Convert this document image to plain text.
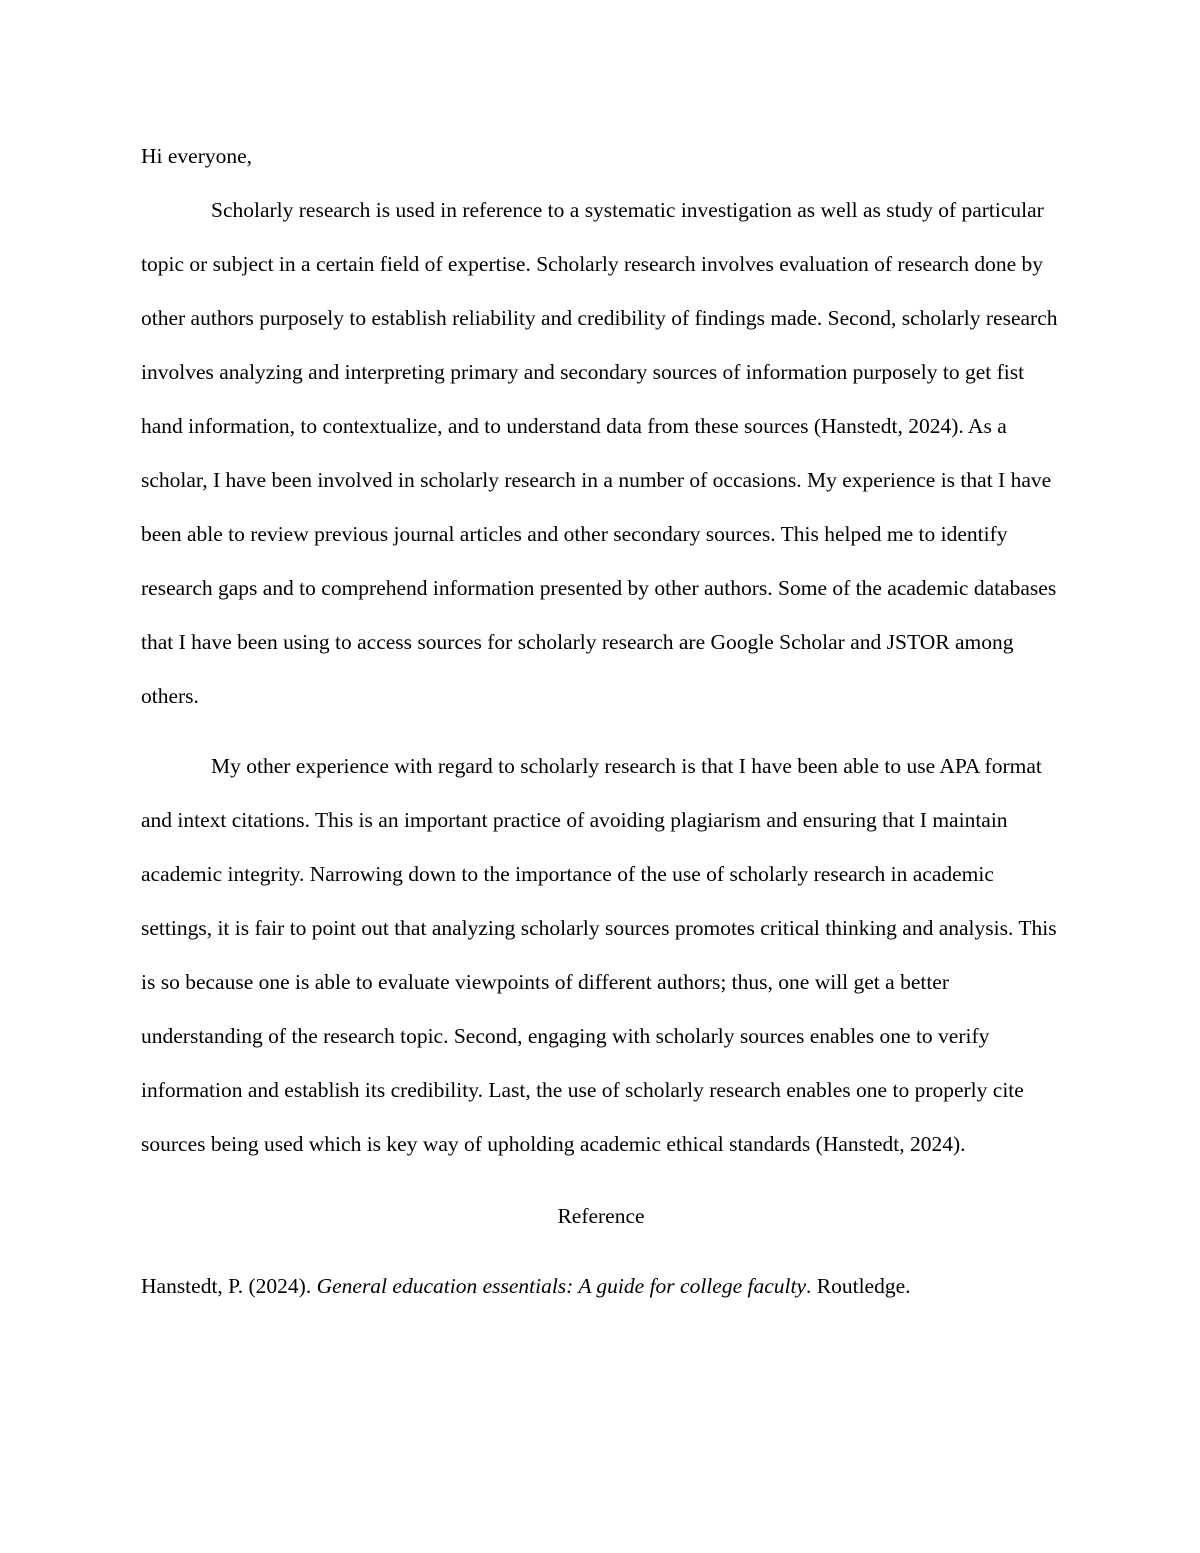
Hi everyone,

Scholarly research is used in reference to a systematic investigation as well as study of particular topic or subject in a certain field of expertise. Scholarly research involves evaluation of research done by other authors purposely to establish reliability and credibility of findings made. Second, scholarly research involves analyzing and interpreting primary and secondary sources of information purposely to get fist hand information, to contextualize, and to understand data from these sources (Hanstedt, 2024). As a scholar, I have been involved in scholarly research in a number of occasions. My experience is that I have been able to review previous journal articles and other secondary sources. This helped me to identify research gaps and to comprehend information presented by other authors. Some of the academic databases that I have been using to access sources for scholarly research are Google Scholar and JSTOR among others.

My other experience with regard to scholarly research is that I have been able to use APA format and intext citations. This is an important practice of avoiding plagiarism and ensuring that I maintain academic integrity. Narrowing down to the importance of the use of scholarly research in academic settings, it is fair to point out that analyzing scholarly sources promotes critical thinking and analysis. This is so because one is able to evaluate viewpoints of different authors; thus, one will get a better understanding of the research topic. Second, engaging with scholarly sources enables one to verify information and establish its credibility. Last, the use of scholarly research enables one to properly cite sources being used which is key way of upholding academic ethical standards (Hanstedt, 2024).

Reference

Hanstedt, P. (2024). General education essentials: A guide for college faculty. Routledge.
